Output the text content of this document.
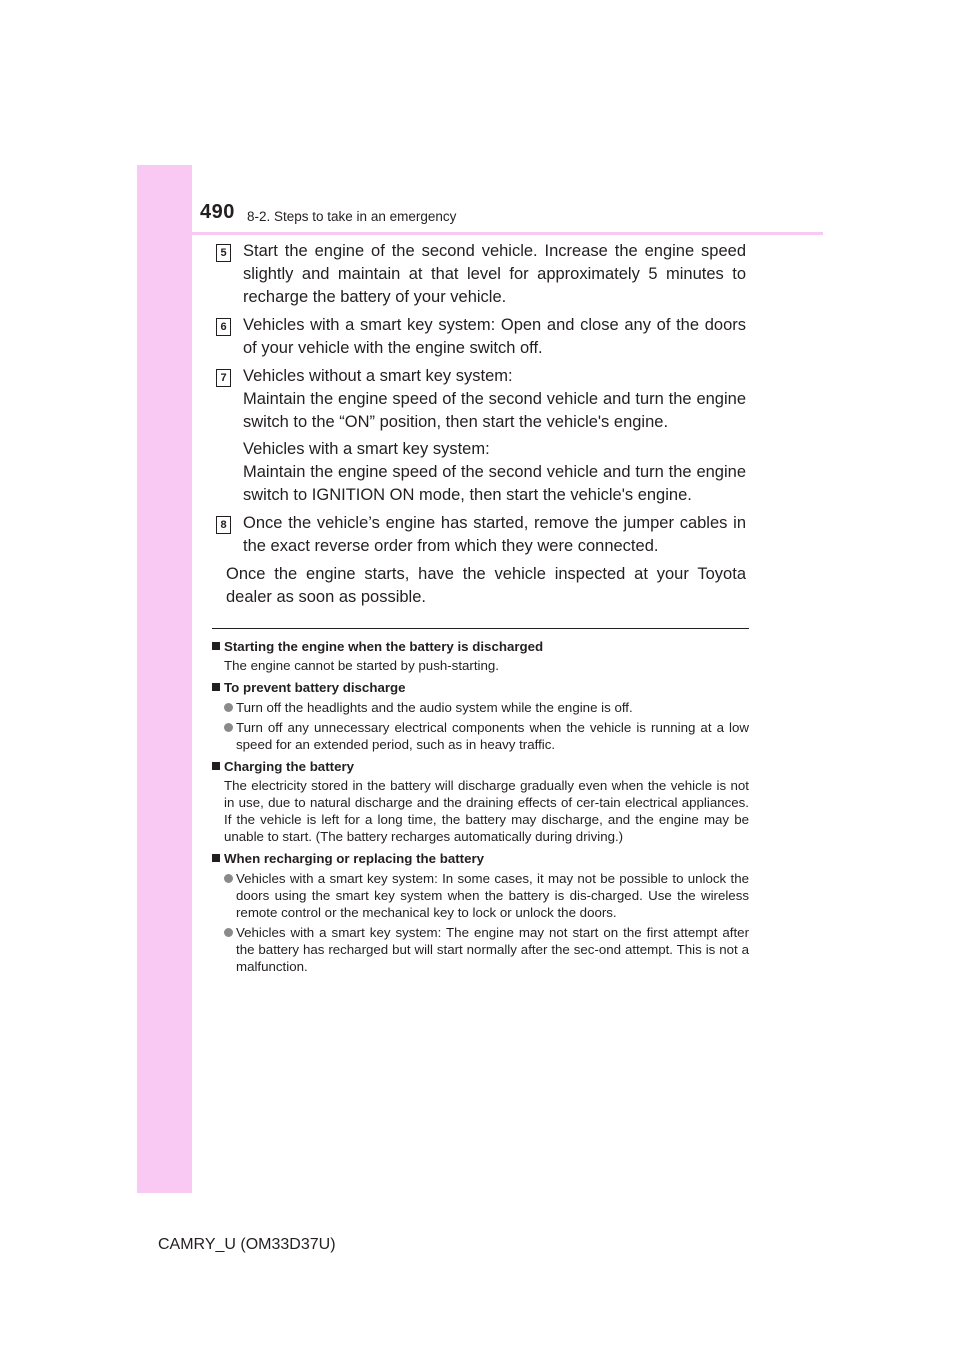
490 8-2. Steps to take in an emergency
5 Start the engine of the second vehicle. Increase the engine speed slightly and maintain at that level for approximately 5 minutes to recharge the battery of your vehicle.

6 Vehicles with a smart key system: Open and close any of the doors of your vehicle with the engine switch off.

7 Vehicles without a smart key system:

Maintain the engine speed of the second vehicle and turn the engine switch to the “ON” position, then start the vehicle's engine.

Vehicles with a smart key system:

Maintain the engine speed of the second vehicle and turn the engine switch to IGNITION ON mode, then start the vehicle's engine.

8 Once the vehicle’s engine has started, remove the jumper cables in the exact reverse order from which they were connected.

Once the engine starts, have the vehicle inspected at your Toyota dealer as soon as possible.

Starting the engine when the battery is discharged
The engine cannot be started by push-starting.
To prevent battery discharge
Turn off the headlights and the audio system while the engine is off.
Turn off any unnecessary electrical components when the vehicle is running at a low speed for an extended period, such as in heavy traffic.
Charging the battery
The electricity stored in the battery will discharge gradually even when the vehicle is not in use, due to natural discharge and the draining effects of cer-tain electrical appliances. If the vehicle is left for a long time, the battery may discharge, and the engine may be unable to start. (The battery recharges automatically during driving.)
When recharging or replacing the battery
Vehicles with a smart key system: In some cases, it may not be possible to unlock the doors using the smart key system when the battery is dis-charged. Use the wireless remote control or the mechanical key to lock or unlock the doors.
Vehicles with a smart key system: The engine may not start on the first attempt after the battery has recharged but will start normally after the sec-ond attempt. This is not a malfunction.
CAMRY_U (OM33D37U)
